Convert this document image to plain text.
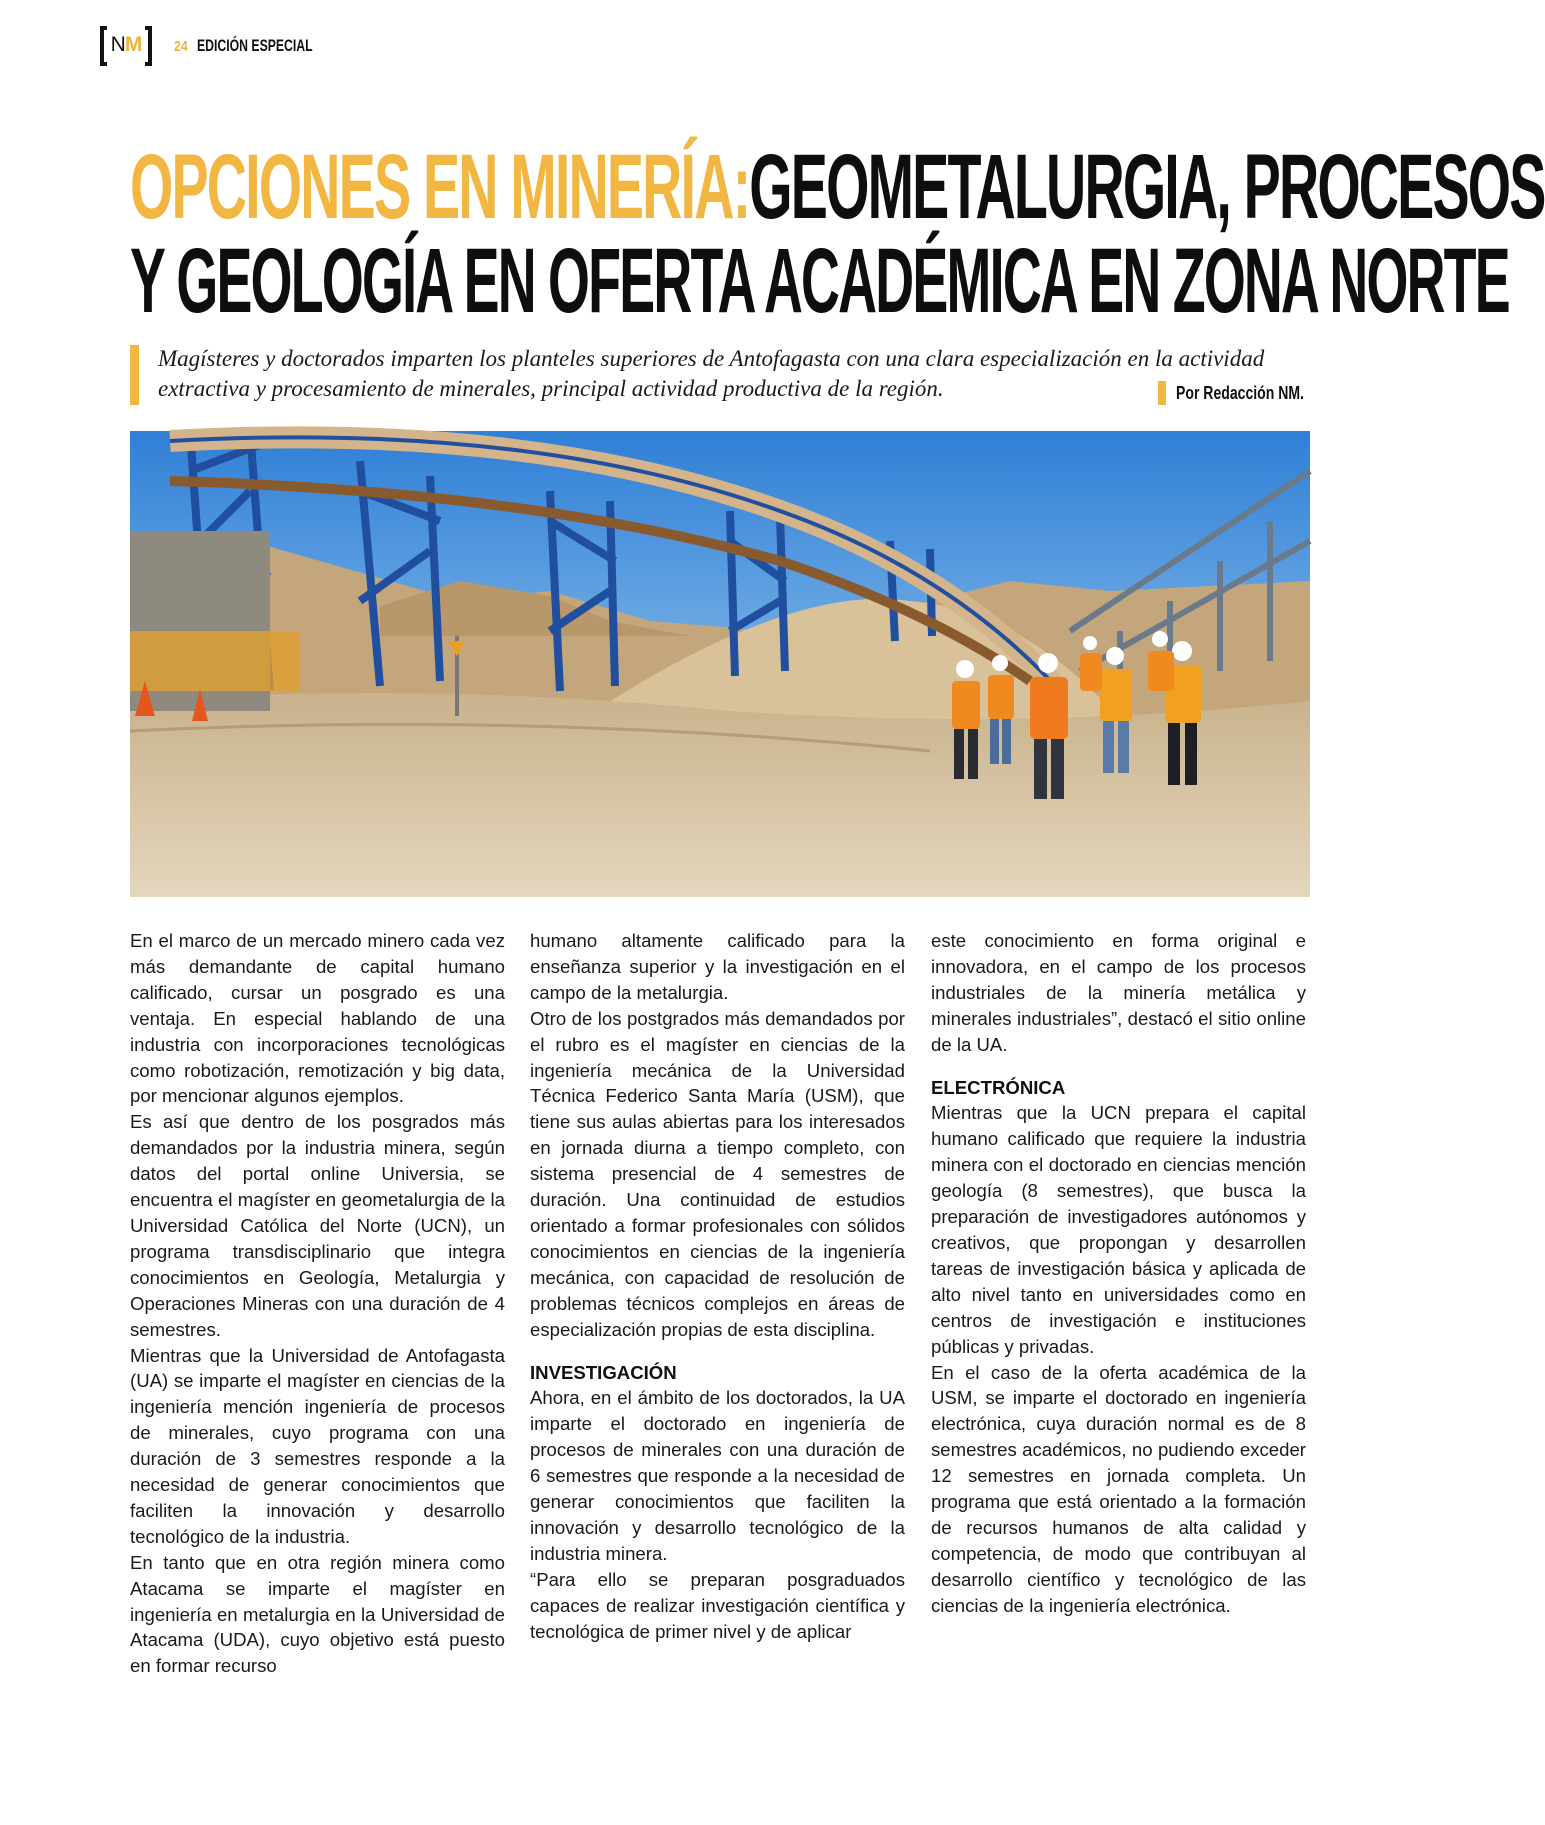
NM	24 EDICIÓN ESPECIAL
OPCIONES EN MINERÍA:GEOMETALURGIA, PROCESOS
Y GEOLOGÍA EN OFERTA ACADÉMICA EN ZONA NORTE

Magísteres y doctorados imparten los planteles superiores de Antofagasta con una clara especialización en la actividad extractiva y procesamiento de minerales, principal actividad productiva de la región.	Por Redacción NM.

En el marco de un mercado minero cada vez más demandante de capital humano calificado, cursar un posgrado es una ventaja. En especial hablando de una industria con incorporaciones tecnológicas como robotización, remotización y big data, por mencionar algunos ejemplos.

Es así que dentro de los posgrados más demandados por la industria minera, según datos del portal online Universia, se encuentra el magíster en geometalurgia de la Universidad Católica del Norte (UCN), un programa transdisciplinario que integra conocimientos en Geología, Metalurgia y Operaciones Mineras con una duración de 4 semestres.

Mientras que la Universidad de Antofagasta (UA) se imparte el magíster en ciencias de la ingeniería mención ingeniería de procesos de minerales, cuyo programa con una duración de 3 semestres responde a la necesidad de generar conocimientos que faciliten la innovación y desarrollo tecnológico de la industria.

En tanto que en otra región minera como Atacama se imparte el magíster en ingeniería en metalurgia en la Universidad de Atacama (UDA), cuyo objetivo está puesto en formar recurso

humano altamente calificado para la enseñanza superior y la investigación en el campo de la metalurgia.

Otro de los postgrados más demandados por el rubro es el magíster en ciencias de la ingeniería mecánica de la Universidad Técnica Federico Santa María (USM), que tiene sus aulas abiertas para los interesados en jornada diurna a tiempo completo, con sistema presencial de 4 semestres de duración. Una continuidad de estudios orientado a formar profesionales con sólidos conocimientos en ciencias de la ingeniería mecánica, con capacidad de resolución de problemas técnicos complejos en áreas de especialización propias de esta disciplina.

INVESTIGACIÓN

Ahora, en el ámbito de los doctorados, la UA imparte el doctorado en ingeniería de procesos de minerales con una duración de 6 semestres que responde a la necesidad de generar conocimientos que faciliten la innovación y desarrollo tecnológico de la industria minera.

“Para ello se preparan posgraduados capaces de realizar investigación científica y tecnológica de primer nivel y de aplicar

este conocimiento en forma original e innovadora, en el campo de los procesos industriales de la minería metálica y minerales industriales”, destacó el sitio online de la UA.

ELECTRÓNICA

Mientras que la UCN prepara el capital humano calificado que requiere la industria minera con el doctorado en ciencias mención geología (8 semestres), que busca la preparación de investigadores autónomos y creativos, que propongan y desarrollen tareas de investigación básica y aplicada de alto nivel tanto en universidades como en centros de investigación e instituciones públicas y privadas.

En el caso de la oferta académica de la USM, se imparte el doctorado en ingeniería electrónica, cuya duración normal es de 8 semestres académicos, no pudiendo exceder 12 semestres en jornada completa. Un programa que está orientado a la formación de recursos humanos de alta calidad y competencia, de modo que contribuyan al desarrollo científico y tecnológico de las ciencias de la ingeniería electrónica.
